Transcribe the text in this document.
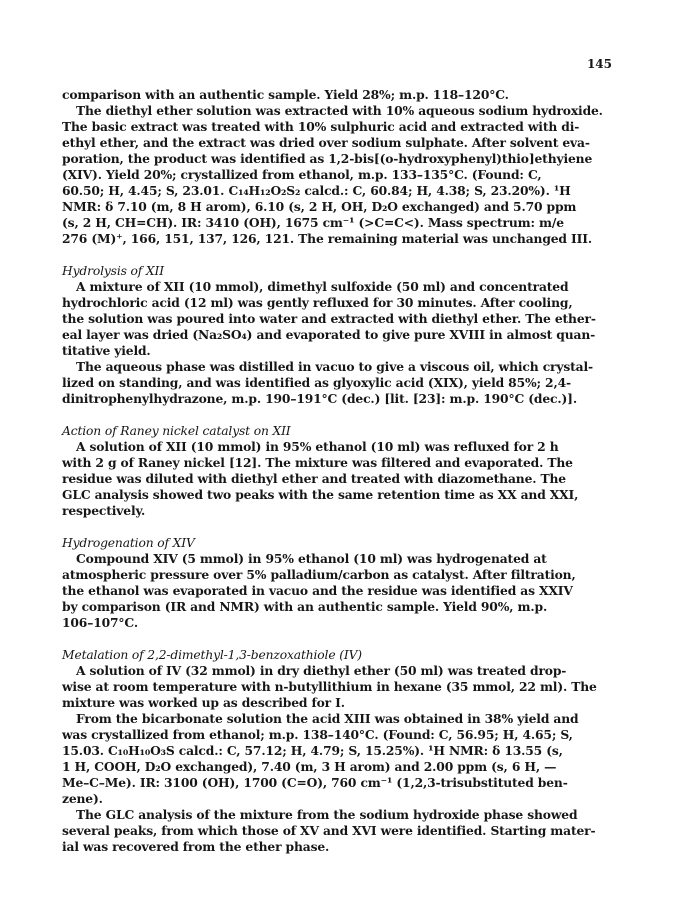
145

comparison with an authentic sample. Yield 28%; m.p. 118–120°C.

The diethyl ether solution was extracted with 10% aqueous sodium hydroxide.
The basic extract was treated with 10% sulphuric acid and extracted with di-
ethyl ether, and the extract was dried over sodium sulphate. After solvent eva-
poration, the product was identified as 1,2-bis[(o-hydroxyphenyl)thio]ethyiene
(XIV). Yield 20%; crystallized from ethanol, m.p. 133–135°C. (Found: C,
60.50; H, 4.45; S, 23.01. C₁₄H₁₂O₂S₂ calcd.: C, 60.84; H, 4.38; S, 23.20%). ¹H
NMR: δ 7.10 (m, 8 H arom), 6.10 (s, 2 H, OH, D₂O exchanged) and 5.70 ppm
(s, 2 H, CH=CH). IR: 3410 (OH), 1675 cm⁻¹ (>C=C<). Mass spectrum: m/e
276 (M)⁺, 166, 151, 137, 126, 121. The remaining material was unchanged III.

Hydrolysis of XII

A mixture of XII (10 mmol), dimethyl sulfoxide (50 ml) and concentrated
hydrochloric acid (12 ml) was gently refluxed for 30 minutes. After cooling,
the solution was poured into water and extracted with diethyl ether. The ether-
eal layer was dried (Na₂SO₄) and evaporated to give pure XVIII in almost quan-
titative yield.

The aqueous phase was distilled in vacuo to give a viscous oil, which crystal-
lized on standing, and was identified as glyoxylic acid (XIX), yield 85%; 2,4-
dinitrophenylhydrazone, m.p. 190–191°C (dec.) [lit. [23]: m.p. 190°C (dec.)].

Action of Raney nickel catalyst on XII

A solution of XII (10 mmol) in 95% ethanol (10 ml) was refluxed for 2 h
with 2 g of Raney nickel [12]. The mixture was filtered and evaporated. The
residue was diluted with diethyl ether and treated with diazomethane. The
GLC analysis showed two peaks with the same retention time as XX and XXI,
respectively.

Hydrogenation of XIV

Compound XIV (5 mmol) in 95% ethanol (10 ml) was hydrogenated at
atmospheric pressure over 5% palladium/carbon as catalyst. After filtration,
the ethanol was evaporated in vacuo and the residue was identified as XXIV
by comparison (IR and NMR) with an authentic sample. Yield 90%, m.p.
106–107°C.

Metalation of 2,2-dimethyl-1,3-benzoxathiole (IV)

A solution of IV (32 mmol) in dry diethyl ether (50 ml) was treated drop-
wise at room temperature with n-butyllithium in hexane (35 mmol, 22 ml). The
mixture was worked up as described for I.

From the bicarbonate solution the acid XIII was obtained in 38% yield and
was crystallized from ethanol; m.p. 138–140°C. (Found: C, 56.95; H, 4.65; S,
15.03. C₁₀H₁₀O₃S calcd.: C, 57.12; H, 4.79; S, 15.25%). ¹H NMR: δ 13.55 (s,
1 H, COOH, D₂O exchanged), 7.40 (m, 3 H arom) and 2.00 ppm (s, 6 H, —
Me–C–Me). IR: 3100 (OH), 1700 (C=O), 760 cm⁻¹ (1,2,3-trisubstituted ben-
zene).

The GLC analysis of the mixture from the sodium hydroxide phase showed
several peaks, from which those of XV and XVI were identified. Starting mater-
ial was recovered from the ether phase.
